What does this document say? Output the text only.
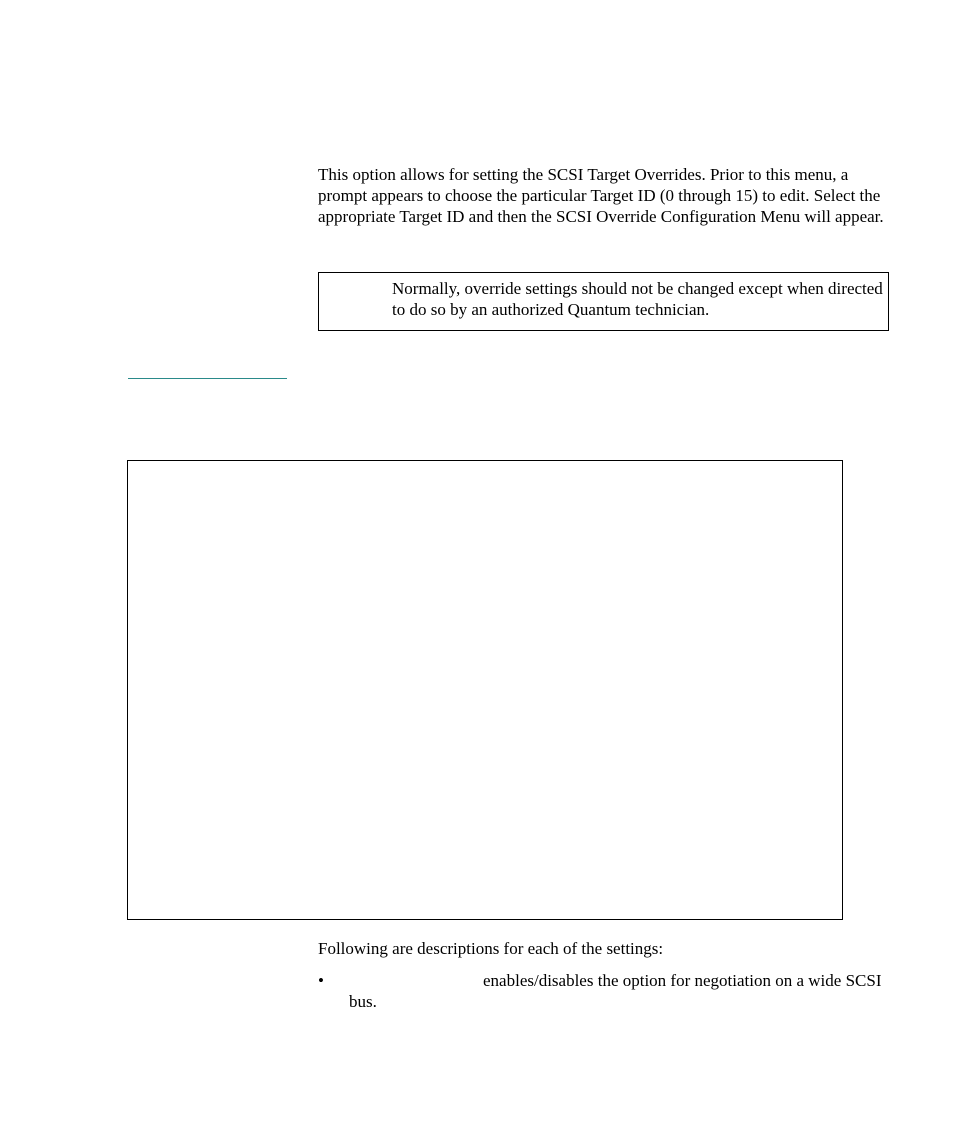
This option allows for setting the SCSI Target Overrides. Prior to this menu, a prompt appears to choose the particular Target ID (0 through 15) to edit. Select the appropriate Target ID and then the SCSI Override Configuration Menu will appear.

Normally, override settings should not be changed except when directed to do so by an authorized Quantum technician.

Following are descriptions for each of the settings:

•	enables/disables the option for negotiation on a wide SCSI bus.
